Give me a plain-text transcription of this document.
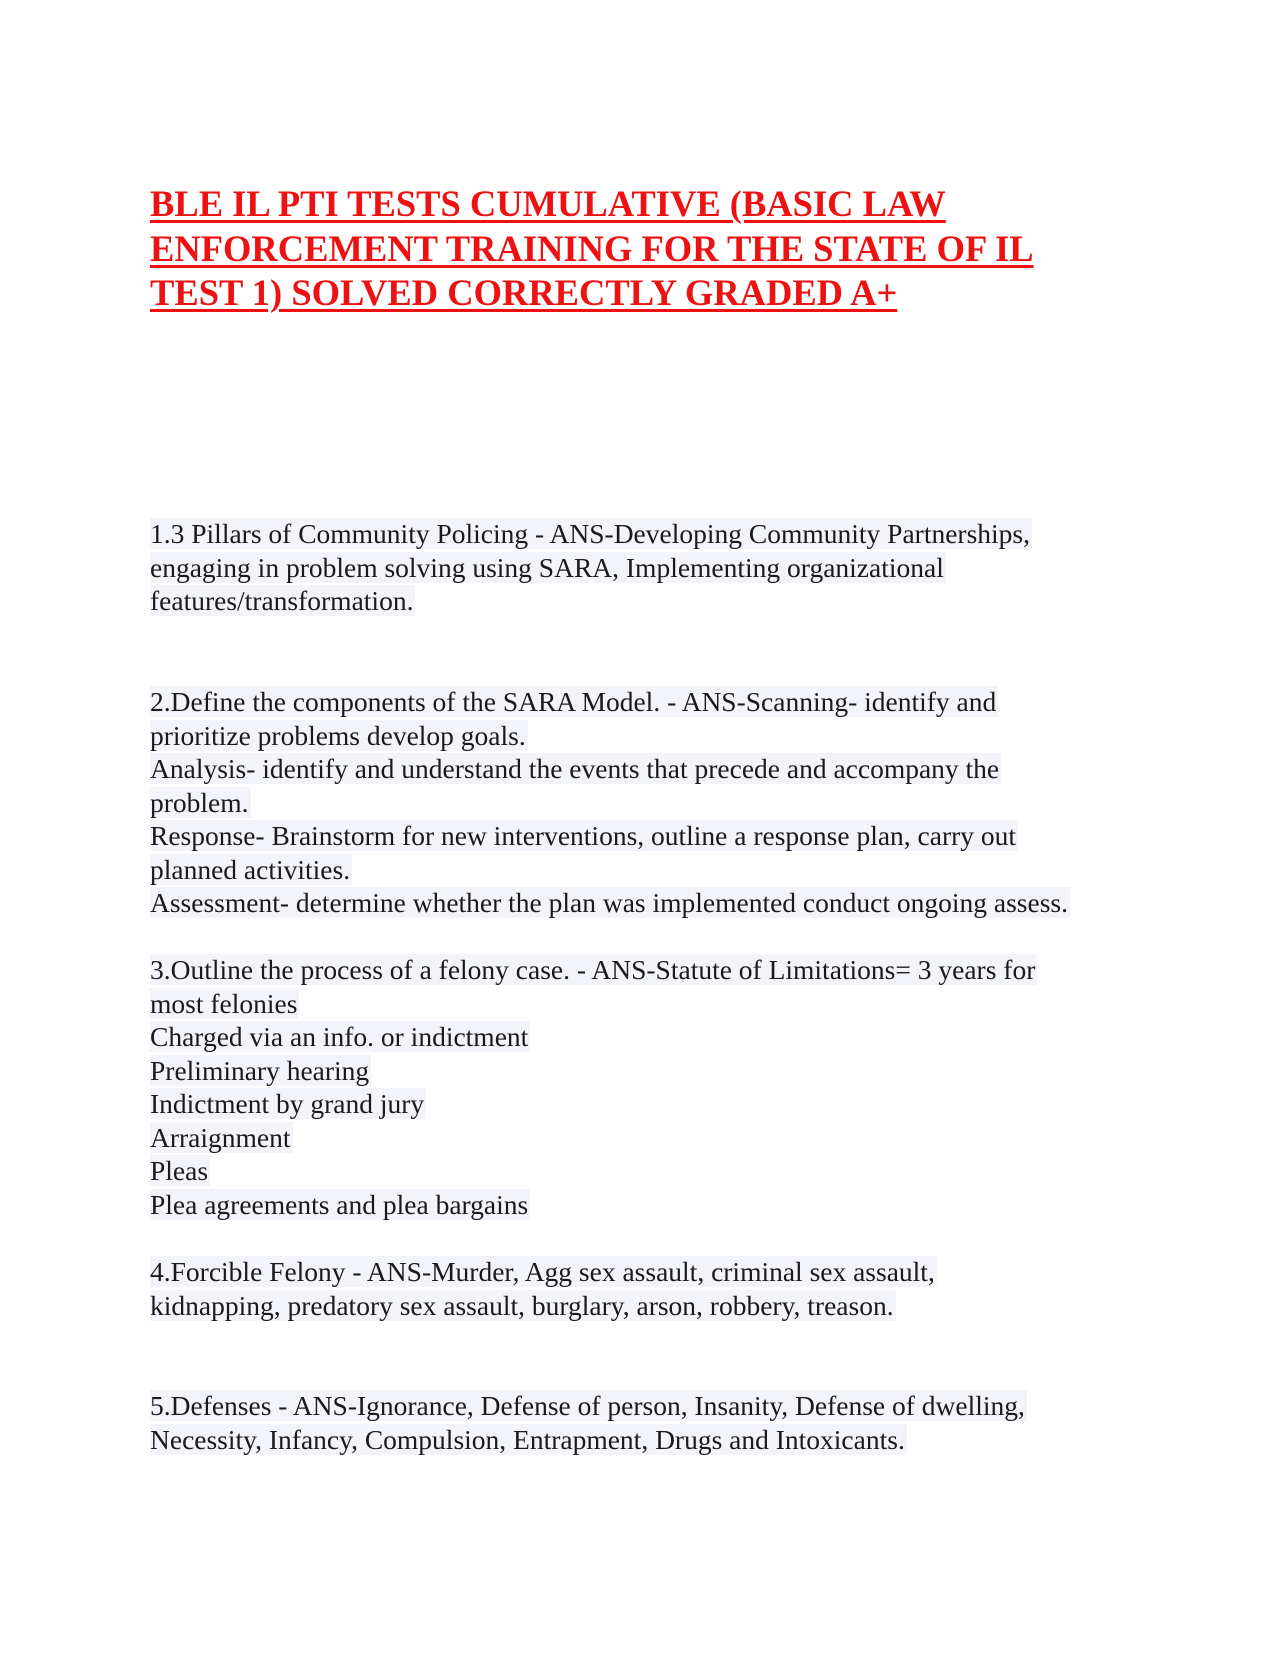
BLE IL PTI TESTS CUMULATIVE (BASIC LAW
ENFORCEMENT TRAINING FOR THE STATE OF IL
TEST 1) SOLVED CORRECTLY GRADED A+
1.3 Pillars of Community Policing - ANS-Developing Community Partnerships,
engaging in problem solving using SARA, Implementing organizational
features/transformation.
2.Define the components of the SARA Model. - ANS-Scanning- identify and
prioritize problems develop goals.
Analysis- identify and understand the events that precede and accompany the
problem.
Response- Brainstorm for new interventions, outline a response plan, carry out
planned activities.
Assessment- determine whether the plan was implemented conduct ongoing assess.
3.Outline the process of a felony case. - ANS-Statute of Limitations= 3 years for
most felonies
Charged via an info. or indictment
Preliminary hearing
Indictment by grand jury
Arraignment
Pleas
Plea agreements and plea bargains
4.Forcible Felony - ANS-Murder, Agg sex assault, criminal sex assault,
kidnapping, predatory sex assault, burglary, arson, robbery, treason.
5.Defenses - ANS-Ignorance, Defense of person, Insanity, Defense of dwelling,
Necessity, Infancy, Compulsion, Entrapment, Drugs and Intoxicants.
